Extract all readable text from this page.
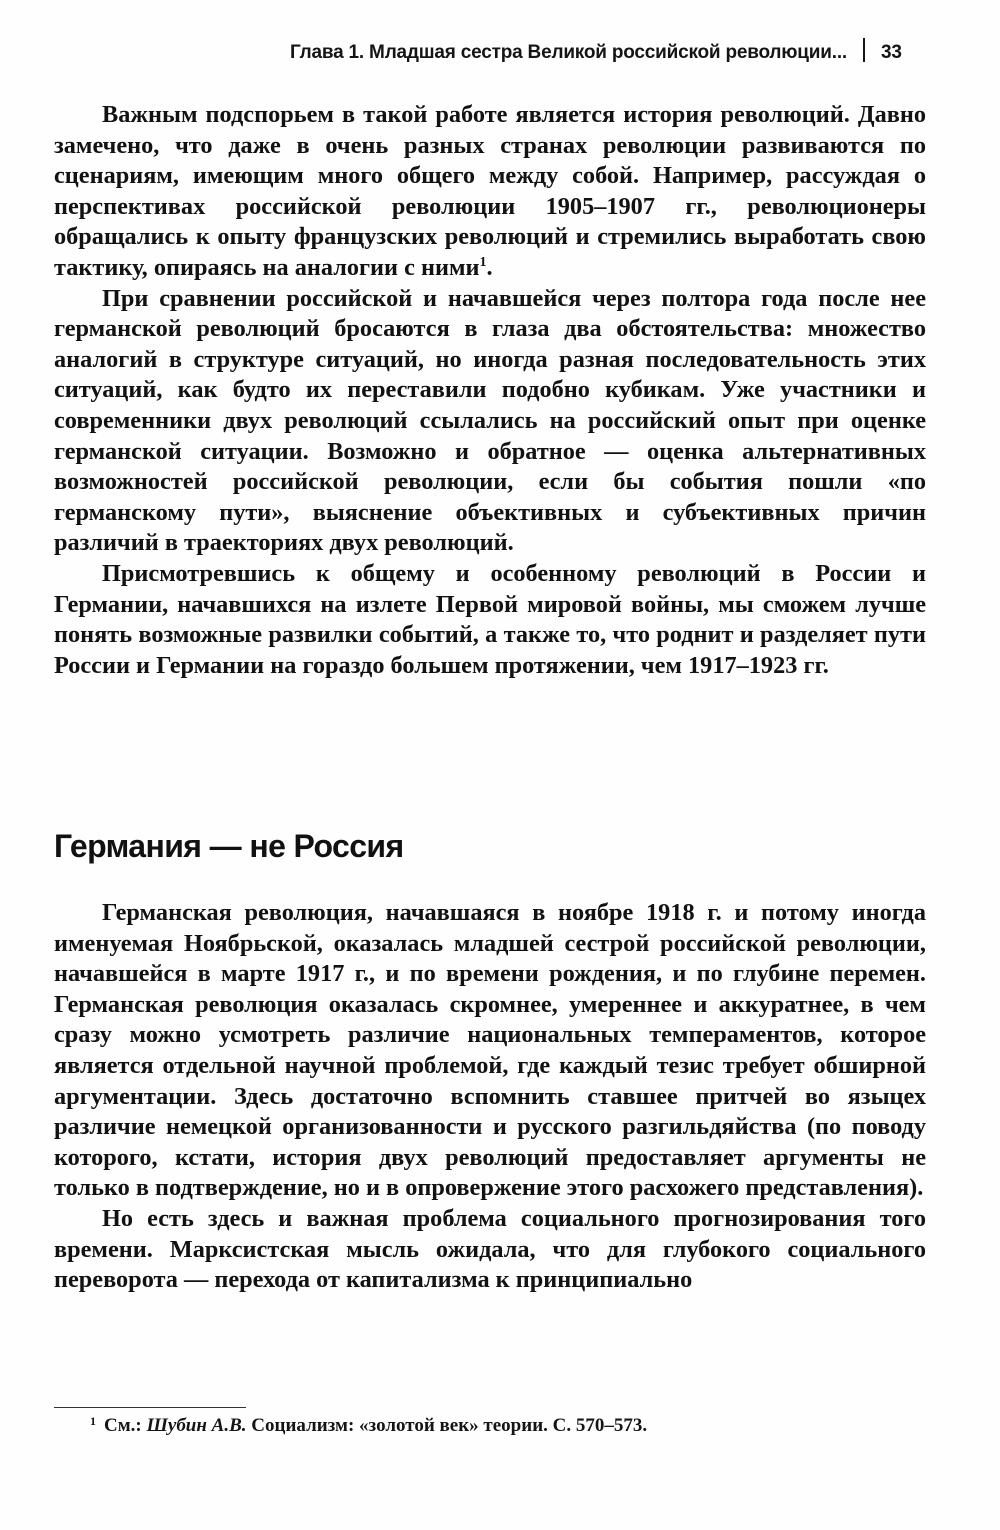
Глава 1. Младшая сестра Великой российской революции... 33

Важным подспорьем в такой работе является история революций. Давно замечено, что даже в очень разных странах революции развиваются по сценариям, имеющим много общего между собой. Например, рассуждая о перспективах российской революции 1905–1907 гг., революционеры обращались к опыту французских революций и стремились выработать свою тактику, опираясь на аналогии с ними$^1$.

При сравнении российской и начавшейся через полтора года после нее германской революций бросаются в глаза два обстоятельства: множество аналогий в структуре ситуаций, но иногда разная последовательность этих ситуаций, как будто их переставили подобно кубикам. Уже участники и современники двух революций ссылались на российский опыт при оценке германской ситуации. Возможно и обратное — оценка альтернативных возможностей российской революции, если бы события пошли «по германскому пути», выяснение объективных и субъективных причин различий в траекториях двух революций.

Присмотревшись к общему и особенному революций в России и Германии, начавшихся на излете Первой мировой войны, мы сможем лучше понять возможные развилки событий, а также то, что роднит и разделяет пути России и Германии на гораздо большем протяжении, чем 1917–1923 гг.

Германия — не Россия

Германская революция, начавшаяся в ноябре 1918 г. и потому иногда именуемая Ноябрьской, оказалась младшей сестрой российской революции, начавшейся в марте 1917 г., и по времени рождения, и по глубине перемен. Германская революция оказалась скромнее, умереннее и аккуратнее, в чем сразу можно усмотреть различие национальных темпераментов, которое является отдельной научной проблемой, где каждый тезис требует обширной аргументации. Здесь достаточно вспомнить ставшее притчей во языцех различие немецкой организованности и русского разгильдяйства (по поводу которого, кстати, история двух революций предоставляет аргументы не только в подтверждение, но и в опровержение этого расхожего представления).

Но есть здесь и важная проблема социального прогнозирования того времени. Марксистская мысль ожидала, что для глубокого социального переворота — перехода от капитализма к принципиально

$^1$ См.: Шубин А.В. Социализм: «золотой век» теории. С. 570–573.
